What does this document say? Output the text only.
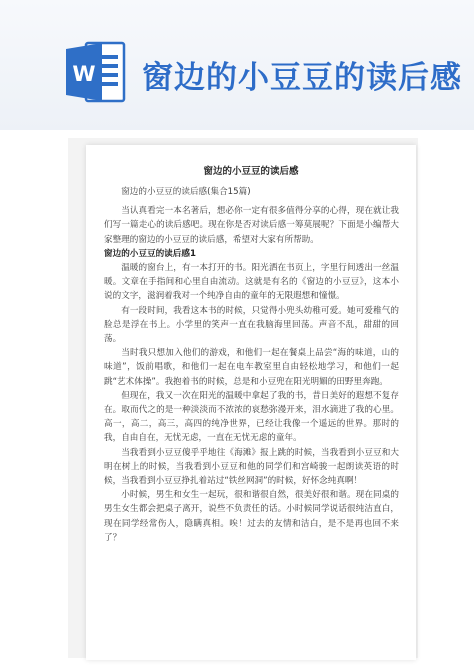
W 窗边的小豆豆的读后感
窗边的小豆豆的读后感

窗边的小豆豆的读后感(集合15篇)

当认真看完一本名著后，想必你一定有很多值得分享的心得，现在就让我们写一篇走心的读后感吧。现在你是否对读后感一筹莫展呢？下面是小编帮大家整理的窗边的小豆豆的读后感，希望对大家有所帮助。

窗边的小豆豆的读后感1

温暖的窗台上，有一本打开的书。阳光洒在书页上，字里行间透出一丝温暖。文章在手指间和心里自由流动。这就是有名的《窗边的小豆豆》，这本小说的文字，滋润着我对一个纯净自由的童年的无限遐想和憧憬。

有一段时间，我看这本书的时候，只觉得小兜头幼稚可爱。她可爱稚气的脸总是浮在书上。小学里的笑声一直在我脑海里回荡。声音不乱，甜甜的回荡。

当时我只想加入他们的游戏，和他们一起在餐桌上品尝“海的味道，山的味道”，饭前唱歌，和他们一起在电车教室里自由轻松地学习，和他们一起跳“艺术体操”。我抱着书的时候，总是和小豆兜在阳光明媚的田野里奔跑。

但现在，我又一次在阳光的温暖中拿起了我的书，昔日美好的遐想不复存在。取而代之的是一种淡淡而不浓浓的哀愁弥漫开来，泪水滴进了我的心里。高一，高二，高三，高四的纯净世界，已经让我像一个遥远的世界。那时的我，自由自在，无忧无虑，一直在无忧无虑的童年。

当我看到小豆豆傻乎乎地往《海滩》报上跳的时候，当我看到小豆豆和大明在树上的时候，当我看到小豆豆和他的同学们和宫崎骏一起朗读英语的时候，当我看到小豆豆挣扎着站过“铁丝网洞”的时候，好怀念纯真啊！

小时候，男生和女生一起玩，很和谐很自然，很美好很和谐。现在同桌的男生女生都会把桌子离开，说些不负责任的话。小时候同学说话很纯洁直白，现在同学经常伤人，隐瞒真相。唉！过去的友情和洁白，是不是再也回不来了？
